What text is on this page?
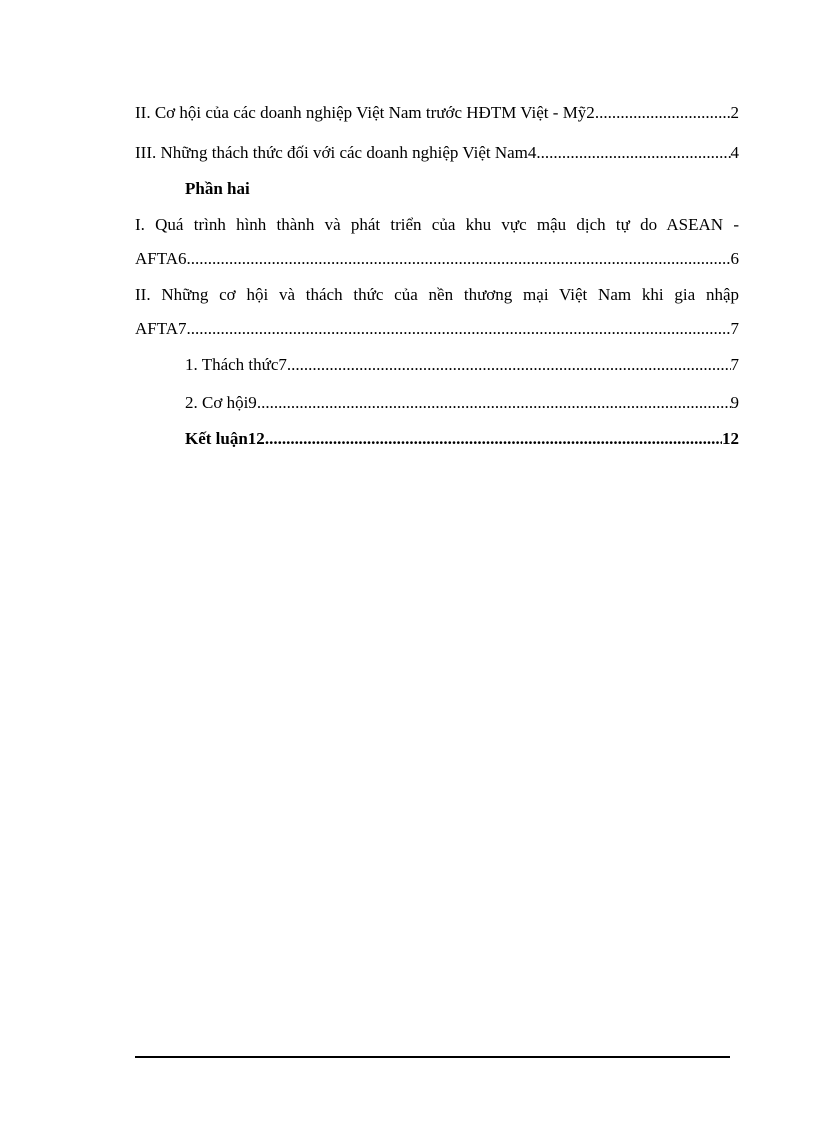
II. Cơ hội của các doanh nghiệp Việt Nam trước HĐTM Việt - Mỹ2 .....	2
III. Những thách thức đối với các doanh nghiệp Việt Nam4 .....	4
Phần hai
I. Quá trình hình thành và phát triển của khu vực mậu dịch tự do ASEAN -
AFTA6 .....	6
II. Những cơ hội và thách thức của nền thương mại Việt Nam khi gia nhập
AFTA7 .....	7
1. Thách thức7 .....	7
2. Cơ hội9 .....	9
Kết luận12 .....	12
